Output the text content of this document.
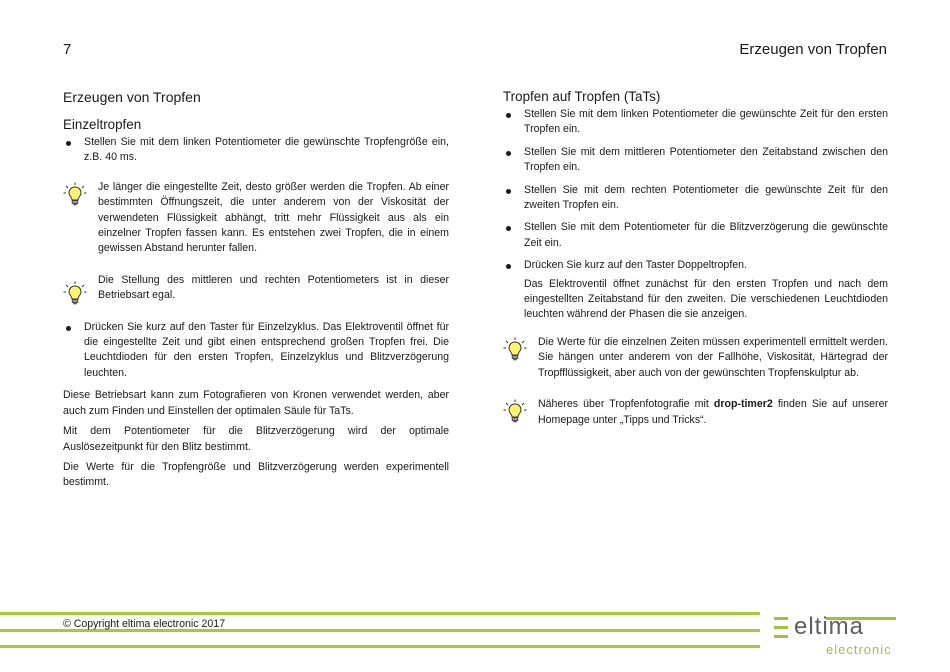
7	Erzeugen von Tropfen
Erzeugen von Tropfen
Einzeltropfen
Stellen Sie mit dem linken Potentiometer die gewünschte Tropfengröße ein, z.B. 40 ms.
Je länger die eingestellte Zeit, desto größer werden die Tropfen. Ab einer bestimmten Öffnungszeit, die unter anderem von der Viskosität der verwendeten Flüssigkeit abhängt, tritt mehr Flüssigkeit aus als ein einzelner Tropfen fassen kann. Es entstehen zwei Tropfen, die in einem gewissen Abstand herunter fallen.
Die Stellung des mittleren und rechten Potentiometers ist in dieser Betriebsart egal.
Drücken Sie kurz auf den Taster für Einzelzyklus. Das Elektroventil öffnet für die eingestellte Zeit und gibt einen entsprechend großen Tropfen frei. Die Leuchtdioden für den ersten Tropfen, Einzelzyklus und Blitzverzögerung leuchten.

Diese Betriebsart kann zum Fotografieren von Kronen verwendet werden, aber auch zum Finden und Einstellen der optimalen Säule für TaTs.

Mit dem Potentiometer für die Blitzverzögerung wird der optimale Auslösezeitpunkt für den Blitz bestimmt.

Die Werte für die Tropfengröße und Blitzverzögerung werden experimentell bestimmt.

Tropfen auf Tropfen (TaTs)
Stellen Sie mit dem linken Potentiometer die gewünschte Zeit für den ersten Tropfen ein.
Stellen Sie mit dem mittleren Potentiometer den Zeitabstand zwischen den Tropfen ein.
Stellen Sie mit dem rechten Potentiometer die gewünschte Zeit für den zweiten Tropfen ein.
Stellen Sie mit dem Potentiometer für die Blitzverzögerung die gewünschte Zeit ein.
Drücken Sie kurz auf den Taster Doppeltropfen.

Das Elektroventil öffnet zunächst für den ersten Tropfen und nach dem eingestellten Zeitabstand für den zweiten. Die verschiedenen Leuchtdioden leuchten während der Phasen die sie anzeigen.

Die Werte für die einzelnen Zeiten müssen experimentell ermittelt werden. Sie hängen unter anderem von der Fallhöhe, Viskosität, Härtegrad der Tropfflüssigkeit, aber auch von der gewünschten Tropfenskulptur ab.
Näheres über Tropfenfotografie mit drop-timer2 finden Sie auf unserer Homepage unter „Tipps und Tricks“.
© Copyright eltima electronic 2017	eltima
electronic
